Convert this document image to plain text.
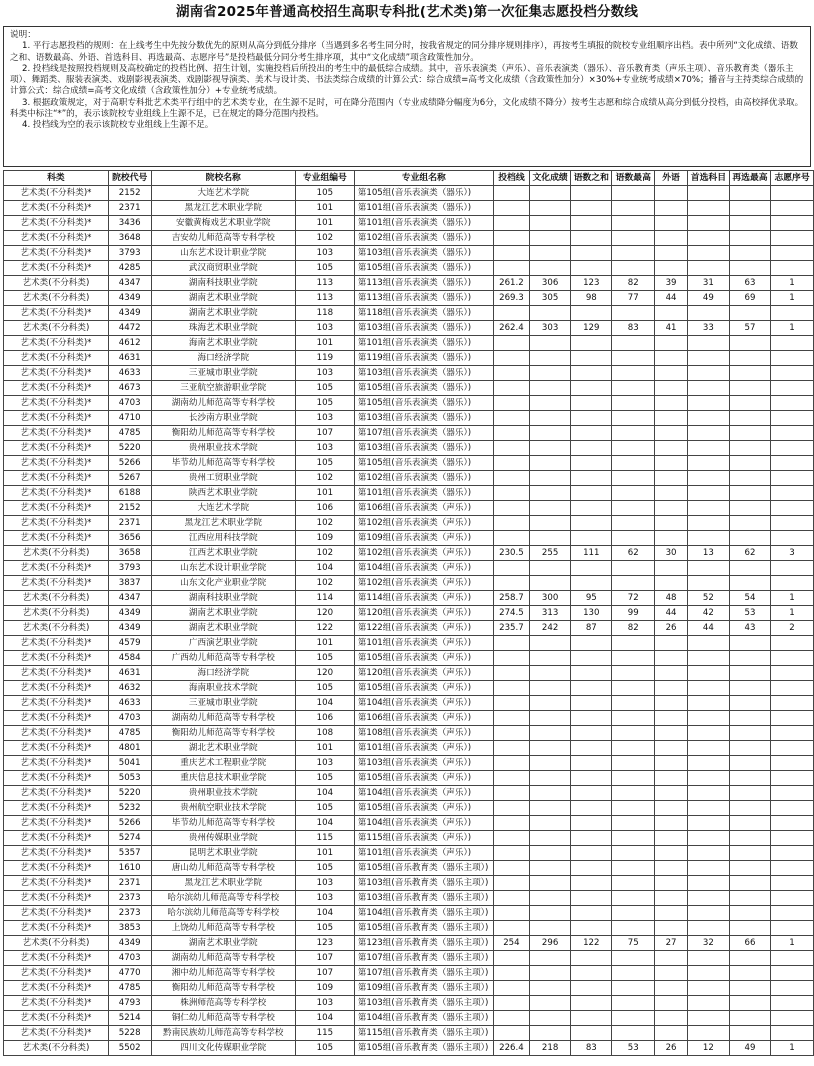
湖南省2025年普通高校招生高职专科批(艺术类)第一次征集志愿投档分数线

说明：

1. 平行志愿投档的规则：在上线考生中先按分数优先的原则从高分到低分排序（当遇到多名考生同分时，按我省规定的同分排序规则排序），再按考生填报的院校专业组顺序出档。表中所列“文化成绩、语数之和、语数最高、外语、首选科目、再选最高、志愿序号”是投档最低分同分考生排序项，其中“文化成绩”项含政策性加分。

2. 投档线是按照投档规则及高校确定的投档比例、招生计划，实施投档后所投出的考生中的最低综合成绩。其中，音乐表演类（声乐）、音乐表演类（器乐）、音乐教育类（声乐主项）、音乐教育类（器乐主项）、舞蹈类、服装表演类、戏剧影视表演类、戏剧影视导演类、美术与设计类、书法类综合成绩的计算公式：综合成绩=高考文化成绩（含政策性加分）×30%+专业统考成绩×70%；播音与主持类综合成绩的计算公式：综合成绩=高考文化成绩（含政策性加分）+专业统考成绩。

3. 根据政策规定，对于高职专科批艺术类平行组中的艺术类专业，在生源不足时，可在降分范围内（专业成绩降分幅度为6分，文化成绩不降分）按考生志愿和综合成绩从高分到低分投档，由高校择优录取。科类中标注“*”的，表示该院校专业组线上生源不足，已在规定的降分范围内投档。

4. 投档线为空的表示该院校专业组线上生源不足。

科类	院校代号	院校名称	专业组编号	专业组名称	投档线	文化成绩	语数之和	语数最高	外语	首选科目	再选最高	志愿序号
艺术类(不分科类)*	2152	大连艺术学院	105	第105组(音乐表演类（器乐）)								
艺术类(不分科类)*	2371	黑龙江艺术职业学院	101	第101组(音乐表演类（器乐）)								
艺术类(不分科类)*	3436	安徽黄梅戏艺术职业学院	101	第101组(音乐表演类（器乐）)								
艺术类(不分科类)*	3648	吉安幼儿师范高等专科学校	102	第102组(音乐表演类（器乐）)								
艺术类(不分科类)*	3793	山东艺术设计职业学院	103	第103组(音乐表演类（器乐）)								
艺术类(不分科类)*	4285	武汉商贸职业学院	105	第105组(音乐表演类（器乐）)								
艺术类(不分科类)	4347	湖南科技职业学院	113	第113组(音乐表演类（器乐）)	261.2	306	123	82	39	31	63	1
艺术类(不分科类)	4349	湖南艺术职业学院	113	第113组(音乐表演类（器乐）)	269.3	305	98	77	44	49	69	1
艺术类(不分科类)*	4349	湖南艺术职业学院	118	第118组(音乐表演类（器乐）)								
艺术类(不分科类)	4472	珠海艺术职业学院	103	第103组(音乐表演类（器乐）)	262.4	303	129	83	41	33	57	1
艺术类(不分科类)*	4612	海南艺术职业学院	101	第101组(音乐表演类（器乐）)								
艺术类(不分科类)*	4631	海口经济学院	119	第119组(音乐表演类（器乐）)								
艺术类(不分科类)*	4633	三亚城市职业学院	103	第103组(音乐表演类（器乐）)								
艺术类(不分科类)*	4673	三亚航空旅游职业学院	105	第105组(音乐表演类（器乐）)								
艺术类(不分科类)*	4703	湖南幼儿师范高等专科学校	105	第105组(音乐表演类（器乐）)								
艺术类(不分科类)*	4710	长沙南方职业学院	103	第103组(音乐表演类（器乐）)								
艺术类(不分科类)*	4785	衡阳幼儿师范高等专科学校	107	第107组(音乐表演类（器乐）)								
艺术类(不分科类)*	5220	贵州职业技术学院	103	第103组(音乐表演类（器乐）)								
艺术类(不分科类)*	5266	毕节幼儿师范高等专科学校	105	第105组(音乐表演类（器乐）)								
艺术类(不分科类)*	5267	贵州工贸职业学院	102	第102组(音乐表演类（器乐）)								
艺术类(不分科类)*	6188	陕西艺术职业学院	101	第101组(音乐表演类（器乐）)								
艺术类(不分科类)*	2152	大连艺术学院	106	第106组(音乐表演类（声乐）)								
艺术类(不分科类)*	2371	黑龙江艺术职业学院	102	第102组(音乐表演类（声乐）)								
艺术类(不分科类)*	3656	江西应用科技学院	109	第109组(音乐表演类（声乐）)								
艺术类(不分科类)	3658	江西艺术职业学院	102	第102组(音乐表演类（声乐）)	230.5	255	111	62	30	13	62	3
艺术类(不分科类)*	3793	山东艺术设计职业学院	104	第104组(音乐表演类（声乐）)								
艺术类(不分科类)*	3837	山东文化产业职业学院	102	第102组(音乐表演类（声乐）)								
艺术类(不分科类)	4347	湖南科技职业学院	114	第114组(音乐表演类（声乐）)	258.7	300	95	72	48	52	54	1
艺术类(不分科类)	4349	湖南艺术职业学院	120	第120组(音乐表演类（声乐）)	274.5	313	130	99	44	42	53	1
艺术类(不分科类)	4349	湖南艺术职业学院	122	第122组(音乐表演类（声乐）)	235.7	242	87	82	26	44	43	2
艺术类(不分科类)*	4579	广西演艺职业学院	101	第101组(音乐表演类（声乐）)								
艺术类(不分科类)*	4584	广西幼儿师范高等专科学校	105	第105组(音乐表演类（声乐）)								
艺术类(不分科类)*	4631	海口经济学院	120	第120组(音乐表演类（声乐）)								
艺术类(不分科类)*	4632	海南职业技术学院	105	第105组(音乐表演类（声乐）)								
艺术类(不分科类)*	4633	三亚城市职业学院	104	第104组(音乐表演类（声乐）)								
艺术类(不分科类)*	4703	湖南幼儿师范高等专科学校	106	第106组(音乐表演类（声乐）)								
艺术类(不分科类)*	4785	衡阳幼儿师范高等专科学校	108	第108组(音乐表演类（声乐）)								
艺术类(不分科类)*	4801	湖北艺术职业学院	101	第101组(音乐表演类（声乐）)								
艺术类(不分科类)*	5041	重庆艺术工程职业学院	103	第103组(音乐表演类（声乐）)								
艺术类(不分科类)*	5053	重庆信息技术职业学院	105	第105组(音乐表演类（声乐）)								
艺术类(不分科类)*	5220	贵州职业技术学院	104	第104组(音乐表演类（声乐）)								
艺术类(不分科类)*	5232	贵州航空职业技术学院	105	第105组(音乐表演类（声乐）)								
艺术类(不分科类)*	5266	毕节幼儿师范高等专科学校	104	第104组(音乐表演类（声乐）)								
艺术类(不分科类)*	5274	贵州传媒职业学院	115	第115组(音乐表演类（声乐）)								
艺术类(不分科类)*	5357	昆明艺术职业学院	101	第101组(音乐表演类（声乐）)								
艺术类(不分科类)*	1610	唐山幼儿师范高等专科学校	105	第105组(音乐教育类（器乐主项）)								
艺术类(不分科类)*	2371	黑龙江艺术职业学院	103	第103组(音乐教育类（器乐主项）)								
艺术类(不分科类)*	2373	哈尔滨幼儿师范高等专科学校	103	第103组(音乐教育类（器乐主项）)								
艺术类(不分科类)*	2373	哈尔滨幼儿师范高等专科学校	104	第104组(音乐教育类（器乐主项）)								
艺术类(不分科类)*	3853	上饶幼儿师范高等专科学校	105	第105组(音乐教育类（器乐主项）)								
艺术类(不分科类)	4349	湖南艺术职业学院	123	第123组(音乐教育类（器乐主项）)	254	296	122	75	27	32	66	1
艺术类(不分科类)*	4703	湖南幼儿师范高等专科学校	107	第107组(音乐教育类（器乐主项）)								
艺术类(不分科类)*	4770	湘中幼儿师范高等专科学校	107	第107组(音乐教育类（器乐主项）)								
艺术类(不分科类)*	4785	衡阳幼儿师范高等专科学校	109	第109组(音乐教育类（器乐主项）)								
艺术类(不分科类)*	4793	株洲师范高等专科学校	103	第103组(音乐教育类（器乐主项）)								
艺术类(不分科类)*	5214	铜仁幼儿师范高等专科学校	104	第104组(音乐教育类（器乐主项）)								
艺术类(不分科类)*	5228	黔南民族幼儿师范高等专科学校	115	第115组(音乐教育类（器乐主项）)								
艺术类(不分科类)	5502	四川文化传媒职业学院	105	第105组(音乐教育类（器乐主项）)	226.4	218	83	53	26	12	49	1
